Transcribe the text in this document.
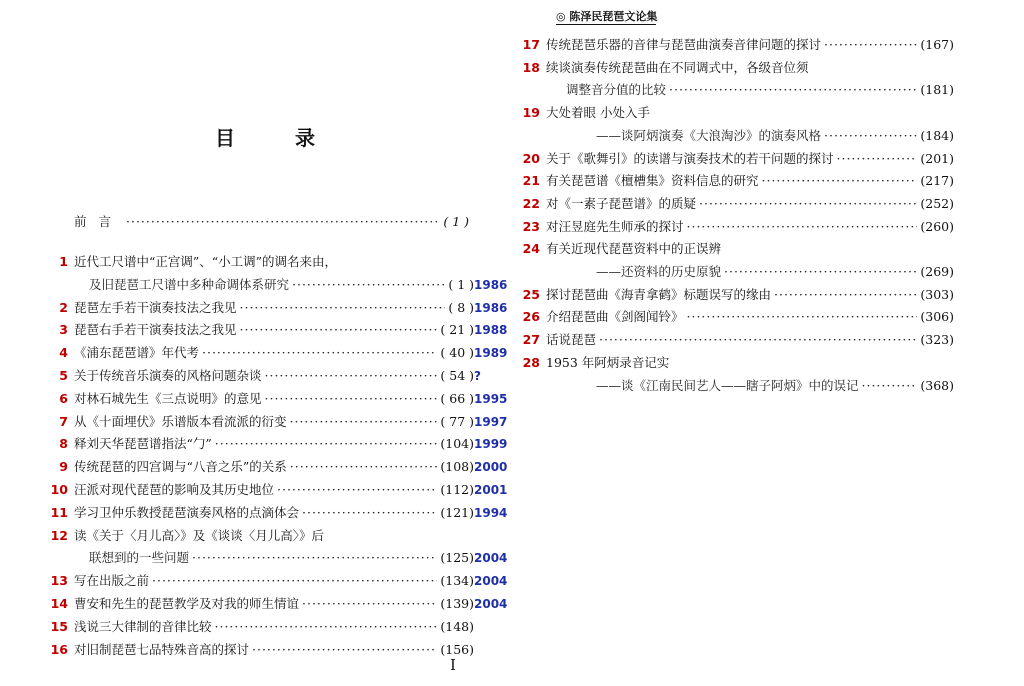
目录
前言 ·····	( 1 )
1 近代工尺谱中“正宫调”、“小工调”的调名来由，
及旧琵琶工尺谱中多种命调体系研究 ·····	( 1 ) 1986
2 琵琶左手若干演奏技法之我见 ·····	( 8 ) 1986
3 琵琶右手若干演奏技法之我见 ·····	( 21 ) 1988
4 《浦东琵琶谱》年代考 ·····	( 40 ) 1989
5 关于传统音乐演奏的风格问题杂谈 ·····	( 54 ) ?
6 对林石城先生《三点说明》的意见 ·····	( 66 ) 1995
7 从《十面埋伏》乐谱版本看流派的衍变 ·····	( 77 ) 1997
8 释刘天华琵琶谱指法“勹” ·····	(104) 1999
9 传统琵琶的四宫调与“八音之乐”的关系 ·····	(108) 2000
10 汪派对现代琵琶的影响及其历史地位 ·····	(112) 2001
11 学习卫仲乐教授琵琶演奏风格的点滴体会 ·····	(121) 1994
12 读《关于〈月儿高〉》及《谈谈〈月儿高〉》后
联想到的一些问题 ·····	(125) 2004
13 写在出版之前 ·····	(134) 2004
14 曹安和先生的琵琶教学及对我的师生情谊 ·····	(139) 2004
15 浅说三大律制的音律比较 ·····	(148)
16 对旧制琵琶七品特殊音高的探讨 ·····	(156)
I
◎ 陈泽民琵琶文论集
17 传统琵琶乐器的音律与琵琶曲演奏音律问题的探讨 ·····	(167)
18 续谈演奏传统琵琶曲在不同调式中，各级音位须
调整音分值的比较 ·····	(181)
19 大处着眼 小处入手
——谈阿炳演奏《大浪淘沙》的演奏风格 ·····	(184)
20 关于《歌舞引》的读谱与演奏技术的若干问题的探讨 ·····	(201)
21 有关琵琶谱《檀槽集》资料信息的研究 ·····	(217)
22 对《一素子琵琶谱》的质疑 ·····	(252)
23 对汪昱庭先生师承的探讨 ·····	(260)
24 有关近现代琵琶资料中的正误辨
——还资料的历史原貌 ·····	(269)
25 探讨琵琶曲《海青拿鹤》标题误写的缘由 ·····	(303)
26 介绍琵琶曲《剑阁闻铃》 ·····	(306)
27 话说琵琶 ·····	(323)
28 1953 年阿炳录音记实
——谈《江南民间艺人——瞎子阿炳》中的误记 ·····	(368)
